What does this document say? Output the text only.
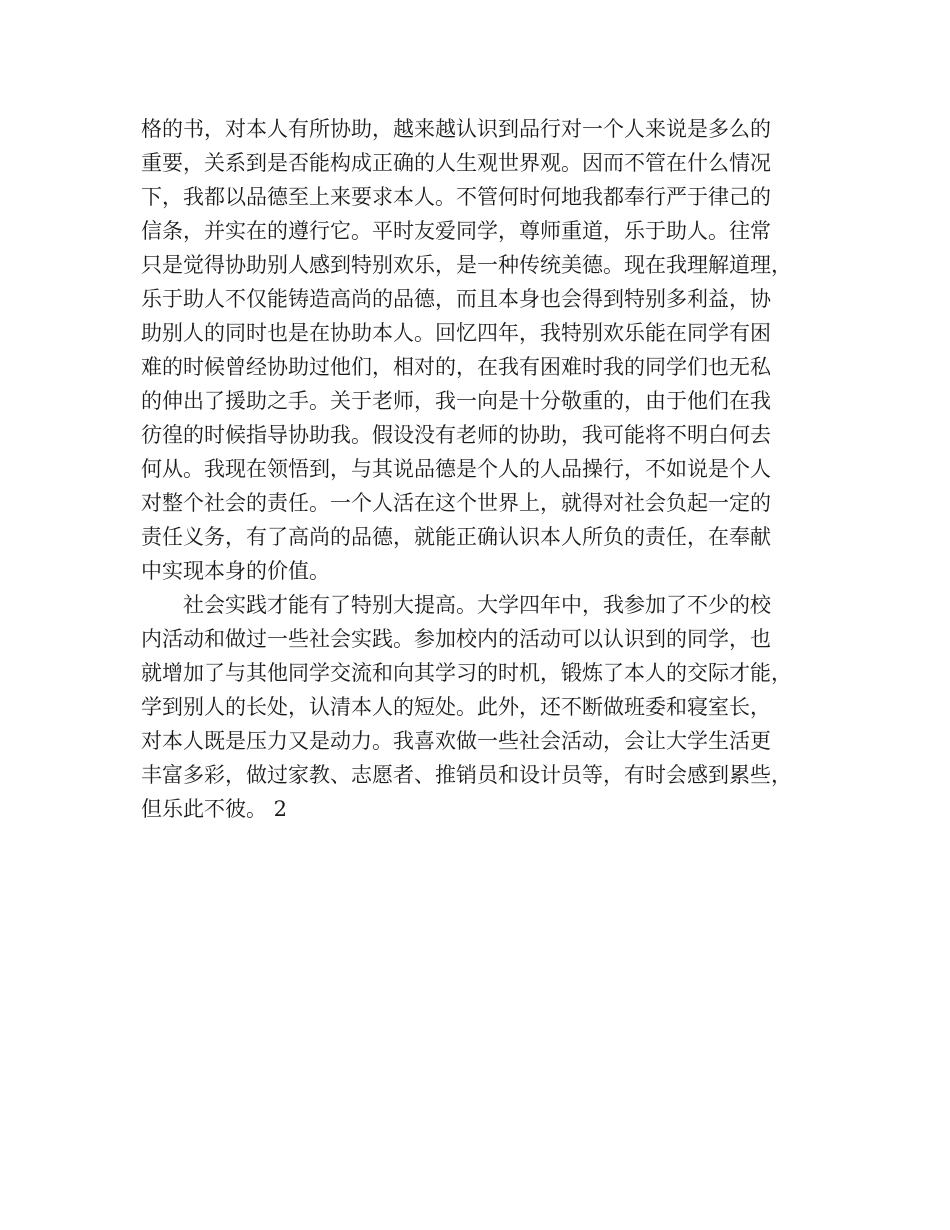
格的书，对本人有所协助，越来越认识到品行对一个人来说是多么的
重要，关系到是否能构成正确的人生观世界观。因而不管在什么情况
下，我都以品德至上来要求本人。不管何时何地我都奉行严于律己的
信条，并实在的遵行它。平时友爱同学，尊师重道，乐于助人。往常
只是觉得协助别人感到特别欢乐，是一种传统美德。现在我理解道理，
乐于助人不仅能铸造高尚的品德，而且本身也会得到特别多利益，协
助别人的同时也是在协助本人。回忆四年，我特别欢乐能在同学有困
难的时候曾经协助过他们，相对的，在我有困难时我的同学们也无私
的伸出了援助之手。关于老师，我一向是十分敬重的，由于他们在我
彷徨的时候指导协助我。假设没有老师的协助，我可能将不明白何去
何从。我现在领悟到，与其说品德是个人的人品操行，不如说是个人
对整个社会的责任。一个人活在这个世界上，就得对社会负起一定的
责任义务，有了高尚的品德，就能正确认识本人所负的责任，在奉献
中实现本身的价值。
社会实践才能有了特别大提高。大学四年中，我参加了不少的校
内活动和做过一些社会实践。参加校内的活动可以认识到的同学，也
就增加了与其他同学交流和向其学习的时机，锻炼了本人的交际才能，
学到别人的长处，认清本人的短处。此外，还不断做班委和寝室长，
对本人既是压力又是动力。我喜欢做一些社会活动，会让大学生活更
丰富多彩，做过家教、志愿者、推销员和设计员等，有时会感到累些，
但乐此不彼。 2
